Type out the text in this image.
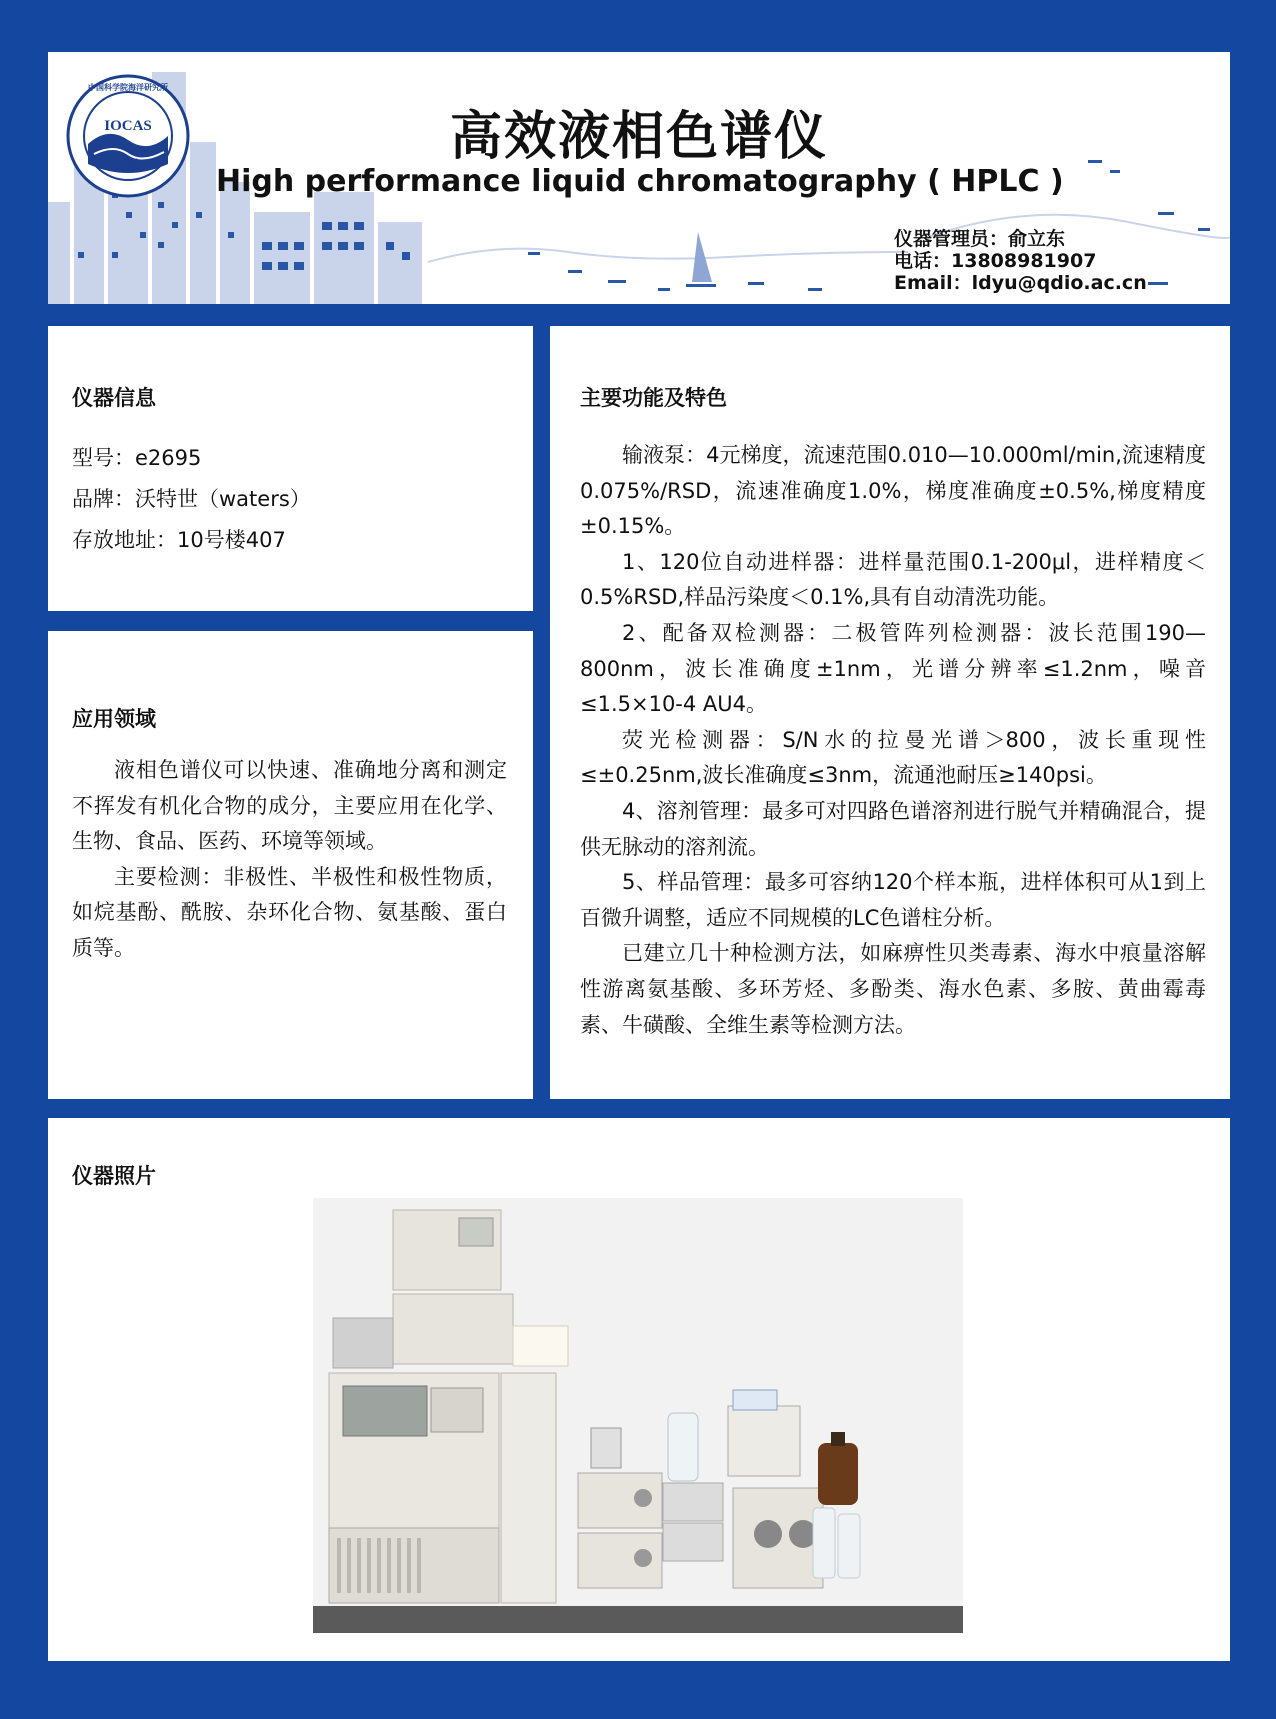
中国科学院海洋研究所
IOCAS
1950	高效液相色谱仪
High performance liquid chromatography ( HPLC )
仪器管理员：俞立东
电话：13808981907
Email：ldyu@qdio.ac.cn
仪器信息
型号：e2695
品牌：沃特世（waters）
存放地址：10号楼407
应用领域

液相色谱仪可以快速、准确地分离和测定不挥发有机化合物的成分，主要应用在化学、生物、食品、医药、环境等领域。

主要检测：非极性、半极性和极性物质，如烷基酚、酰胺、杂环化合物、氨基酸、蛋白质等。

主要功能及特色

输液泵：4元梯度，流速范围0.010—10.000ml/min,流速精度0.075%/RSD，流速准确度1.0%，梯度准确度±0.5%,梯度精度±0.15%。

1、120位自动进样器：进样量范围0.1-200μl，进样精度＜0.5%RSD,样品污染度＜0.1%,具有自动清洗功能。

2、配备双检测器：二极管阵列检测器：波长范围190—800nm，波长准确度±1nm，光谱分辨率≤1.2nm，噪音≤1.5×10-4 AU4。

荧光检测器：S/N水的拉曼光谱＞800，波长重现性≤±0.25nm,波长准确度≤3nm，流通池耐压≥140psi。

4、溶剂管理：最多可对四路色谱溶剂进行脱气并精确混合，提供无脉动的溶剂流。

5、样品管理：最多可容纳120个样本瓶，进样体积可从1到上百微升调整，适应不同规模的LC色谱柱分析。

已建立几十种检测方法，如麻痹性贝类毒素、海水中痕量溶解性游离氨基酸、多环芳烃、多酚类、海水色素、多胺、黄曲霉毒素、牛磺酸、全维生素等检测方法。

仪器照片
